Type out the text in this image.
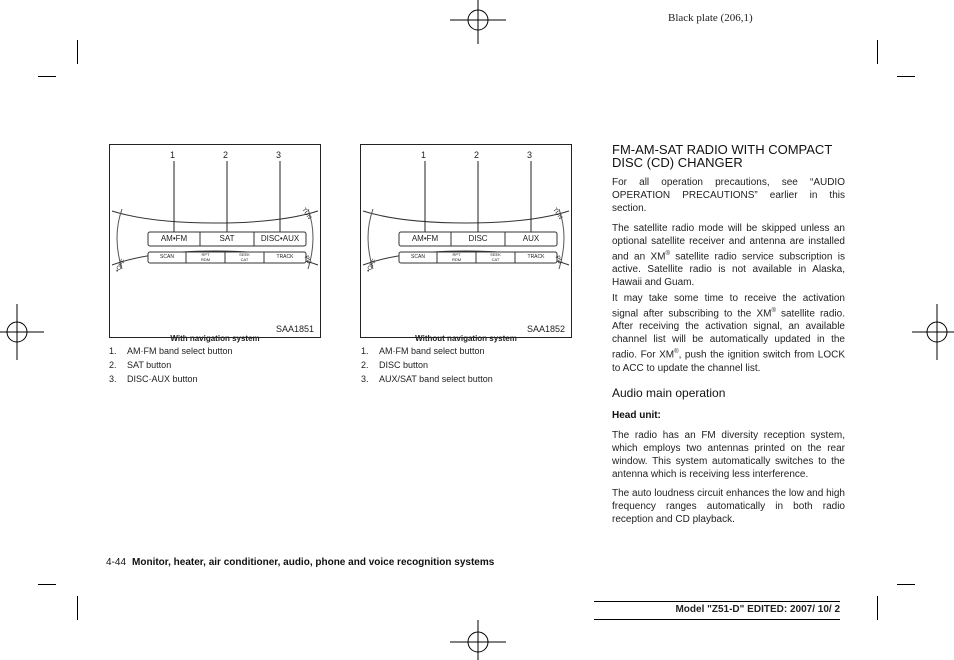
Black plate (206,1)
1	2	3
AM•FM	SAT	DISC•AUX
SCAN	RPT
RDM
SEEK
CAT	TRACK
•OFF
TUN
PU
SAA1851
With navigation system
1. AM·FM band select button
2. SAT button
3. DISC·AUX button
1	2	3
AM•FM	DISC	AUX
SCAN	RPT
RDM
SEEK
CAT	TRACK
•OFF
TUN
PU
SAA1852
Without navigation system
1. AM·FM band select button
2. DISC button
3. AUX/SAT band select button
FM-AM-SAT RADIO WITH COMPACT
DISC (CD) CHANGER
For all operation precautions, see “AUDIO OPERATION PRECAUTIONS” earlier in this section.
The satellite radio mode will be skipped unless an optional satellite receiver and antenna are installed and an XM® satellite radio service subscription is active. Satellite radio is not available in Alaska, Hawaii and Guam.
It may take some time to receive the activation signal after subscribing to the XM® satellite radio. After receiving the activation signal, an available channel list will be automatically updated in the radio. For XM®, push the ignition switch from LOCK to ACC to update the channel list.
Audio main operation
Head unit:
The radio has an FM diversity reception system, which employs two antennas printed on the rear window. This system automatically switches to the antenna which is receiving less interference.
The auto loudness circuit enhances the low and high frequency ranges automatically in both radio reception and CD playback.
4-44 Monitor, heater, air conditioner, audio, phone and voice recognition systems
Model "Z51-D" EDITED: 2007/ 10/ 2
